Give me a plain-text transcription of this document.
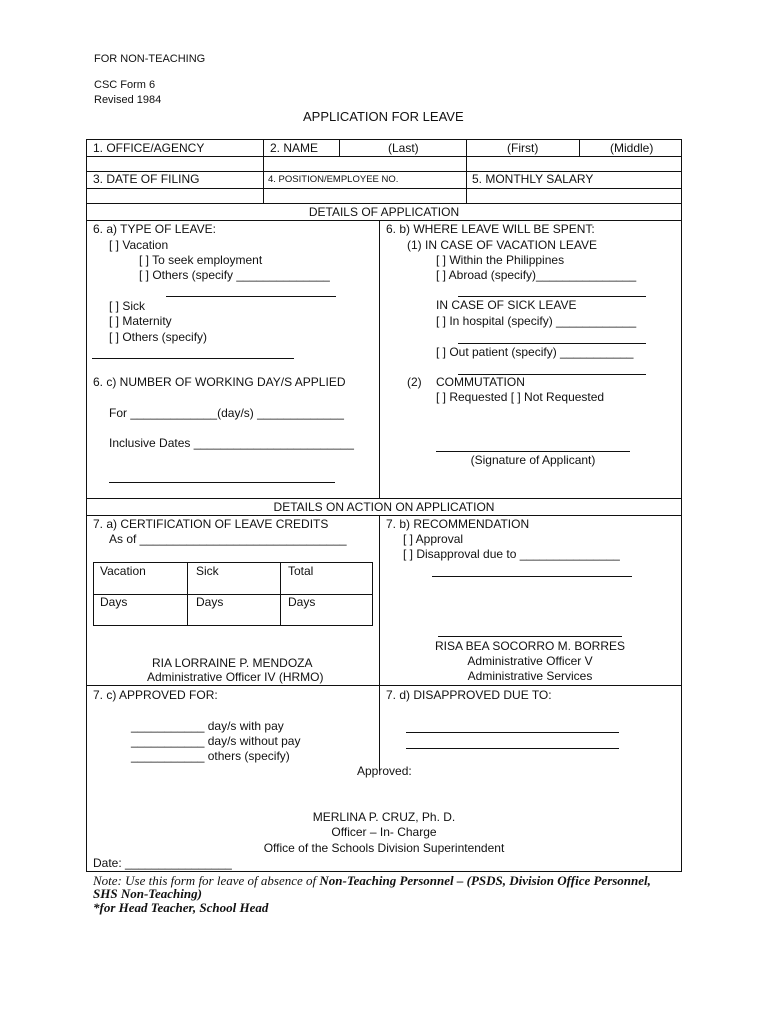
FOR NON-TEACHING
CSC Form 6
Revised 1984
APPLICATION FOR LEAVE
1. OFFICE/AGENCY	2. NAME	(Last)	(First)	(Middle)
3. DATE OF FILING	4. POSITION/EMPLOYEE NO.	5. MONTHLY SALARY
DETAILS OF APPLICATION
6. a) TYPE OF LEAVE:
[ ] Vacation
[ ] To seek employment
[ ] Others (specify ______________
[ ] Sick
[ ] Maternity
[ ] Others (specify)
6. b) WHERE LEAVE WILL BE SPENT:
(1) IN CASE OF VACATION LEAVE
[ ] Within the Philippines
[ ] Abroad (specify)_______________
IN CASE OF SICK LEAVE
[ ] In hospital (specify) ____________
[ ] Out patient (specify) ___________
6. c) NUMBER OF WORKING DAY/S APPLIED
For _____________(day/s) _____________
Inclusive Dates ________________________
(2) COMMUTATION
[ ] Requested [ ] Not Requested
(Signature of Applicant)
DETAILS ON ACTION ON APPLICATION
7. a) CERTIFICATION OF LEAVE CREDITS
As of _______________________________
Vacation	Sick	Total
Days	Days	Days
RIA LORRAINE P. MENDOZA
Administrative Officer IV (HRMO)
7. b) RECOMMENDATION
[ ] Approval
[ ] Disapproval due to _______________
RISA BEA SOCORRO M. BORRES
Administrative Officer V
Administrative Services
7. c) APPROVED FOR:
___________ day/s with pay
___________ day/s without pay
___________ others (specify)
7. d) DISAPPROVED DUE TO:
Approved:
MERLINA P. CRUZ, Ph. D.
Officer – In- Charge
Office of the Schools Division Superintendent
Date: ________________
Note: Use this form for leave of absence of Non-Teaching Personnel – (PSDS, Division Office Personnel,
SHS Non-Teaching)
*for Head Teacher, School Head
